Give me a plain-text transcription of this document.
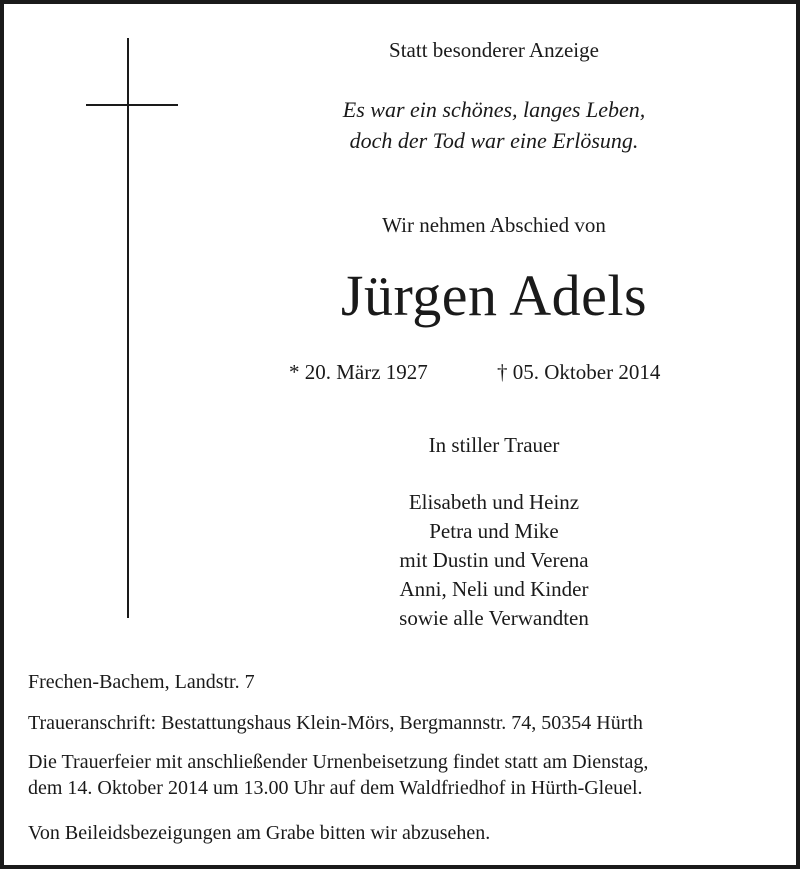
Statt besonderer Anzeige
Es war ein schönes, langes Leben,
doch der Tod war eine Erlösung.
Wir nehmen Abschied von
Jürgen Adels
* 20. März 1927	† 05. Oktober 2014
In stiller Trauer
Elisabeth und Heinz
Petra und Mike
mit Dustin und Verena
Anni, Neli und Kinder
sowie alle Verwandten
Frechen-Bachem, Landstr. 7
Traueranschrift: Bestattungshaus Klein-Mörs, Bergmannstr. 74, 50354 Hürth
Die Trauerfeier mit anschließender Urnenbeisetzung findet statt am Dienstag,
dem 14. Oktober 2014 um 13.00 Uhr auf dem Waldfriedhof in Hürth-Gleuel.
Von Beileidsbezeigungen am Grabe bitten wir abzusehen.
